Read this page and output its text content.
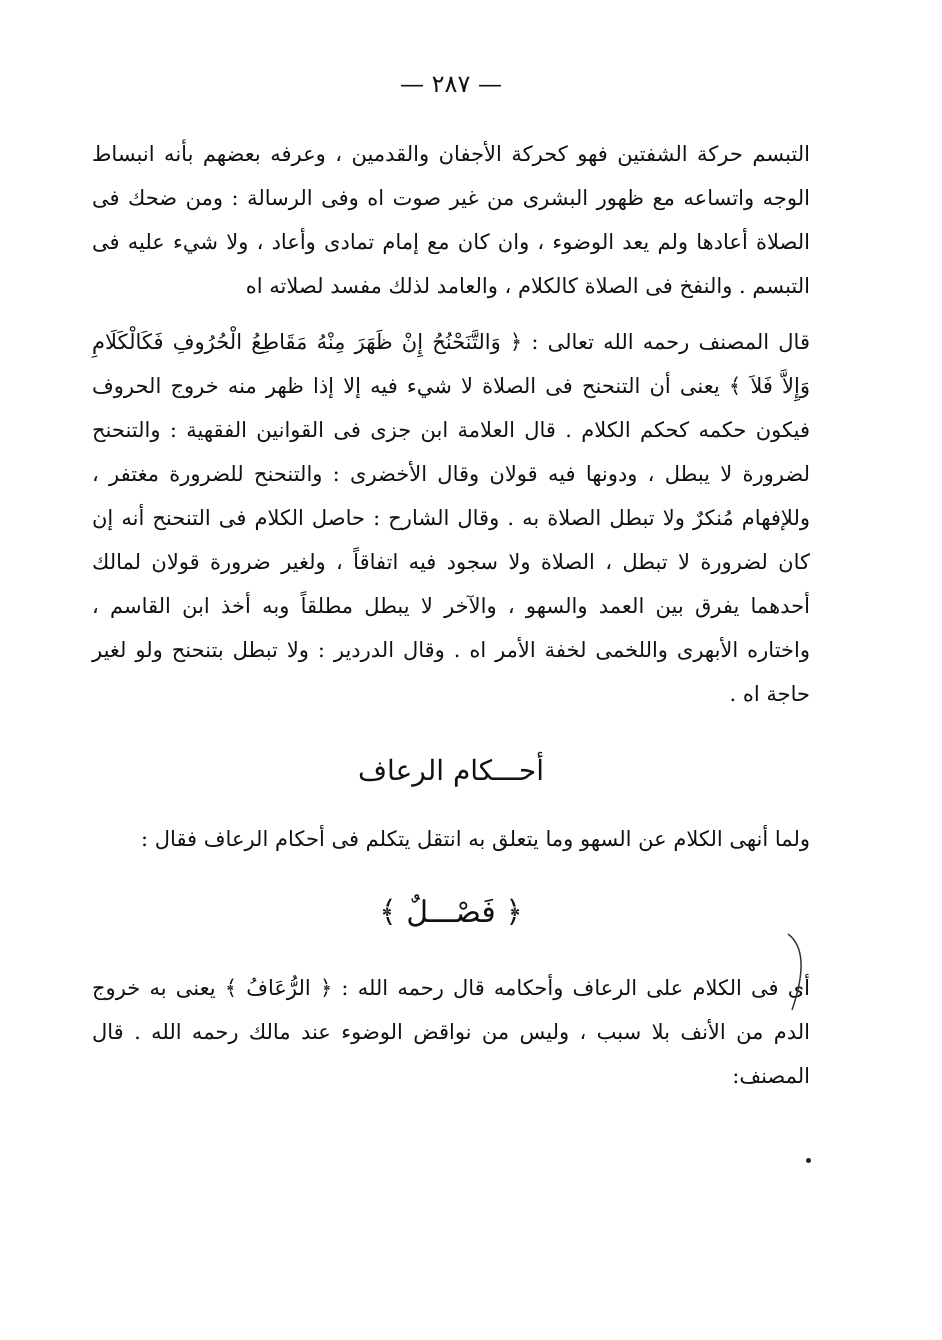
— ٢٨٧ —

التبسم حركة الشفتين فهو كحركة الأجفان والقدمين ، وعرفه بعضهم بأنه انبساط الوجه واتساعه مع ظهور البشرى من غير صوت اه وفى الرسالة : ومن ضحك فى الصلاة أعادها ولم يعد الوضوء ، وان كان مع إمام تمادى وأعاد ، ولا شيء عليه فى التبسم . والنفخ فى الصلاة كالكلام ، والعامد لذلك مفسد لصلاته اه

قال المصنف رحمه الله تعالى : ﴿ وَالتَّنَحْنُحُ إِنْ ظَهَرَ مِنْهُ مَقَاطِعُ الْحُرُوفِ فَكَالْكَلَامِ وَإِلاَّ فَلاَ ﴾ يعنى أن التنحنح فى الصلاة لا شيء فيه إلا إذا ظهر منه خروج الحروف فيكون حكمه كحكم الكلام . قال العلامة ابن جزى فى القوانين الفقهية : والتنحنح لضرورة لا يبطل ، ودونها فيه قولان وقال الأخضرى : والتنحنح للضرورة مغتفر ، وللإفهام مُنكرٌ ولا تبطل الصلاة به . وقال الشارح : حاصل الكلام فى التنحنح أنه إن كان لضرورة لا تبطل ، الصلاة ولا سجود فيه اتفاقاً ، ولغير ضرورة قولان لمالك أحدهما يفرق بين العمد والسهو ، والآخر لا يبطل مطلقاً وبه أخذ ابن القاسم ، واختاره الأبهرى واللخمى لخفة الأمر اه . وقال الدردير : ولا تبطل بتنحنح ولو لغير حاجة اه .

أحـــكام الرعاف

ولما أنهى الكلام عن السهو وما يتعلق به انتقل يتكلم فى أحكام الرعاف فقال :

﴿ فَصْـــلٌ ﴾

أى فى الكلام على الرعاف وأحكامه قال رحمه الله : ﴿ الرُّعَافُ ﴾ يعنى به خروج الدم من الأنف بلا سبب ، وليس من نواقض الوضوء عند مالك رحمه الله . قال المصنف:
